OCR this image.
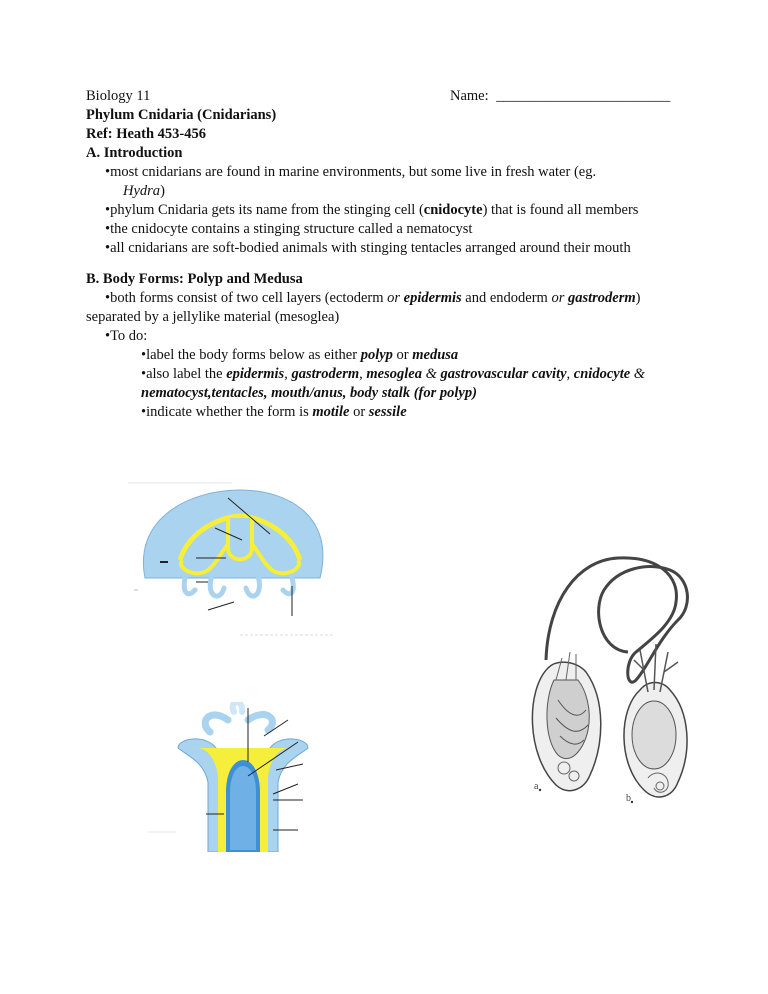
Biology 11	Name: ________________________
Phylum Cnidaria (Cnidarians)
Ref: Heath 453-456
A. Introduction
•most cnidarians are found in marine environments, but some live in fresh water (eg.
Hydra)
•phylum Cnidaria gets its name from the stinging cell (cnidocyte) that is found all members
•the cnidocyte contains a stinging structure called a nematocyst
•all cnidarians are soft-bodied animals with stinging tentacles arranged around their mouth
B. Body Forms: Polyp and Medusa
•both forms consist of two cell layers (ectoderm or epidermis and endoderm or gastroderm)
separated by a jellylike material (mesoglea)
•To do:
•label the body forms below as either polyp or medusa
•also label the epidermis, gastroderm, mesoglea & gastrovascular cavity, cnidocyte &
nematocyst,tentacles, mouth/anus, body stalk (for polyp)
•indicate whether the form is motile or sessile
a
b
